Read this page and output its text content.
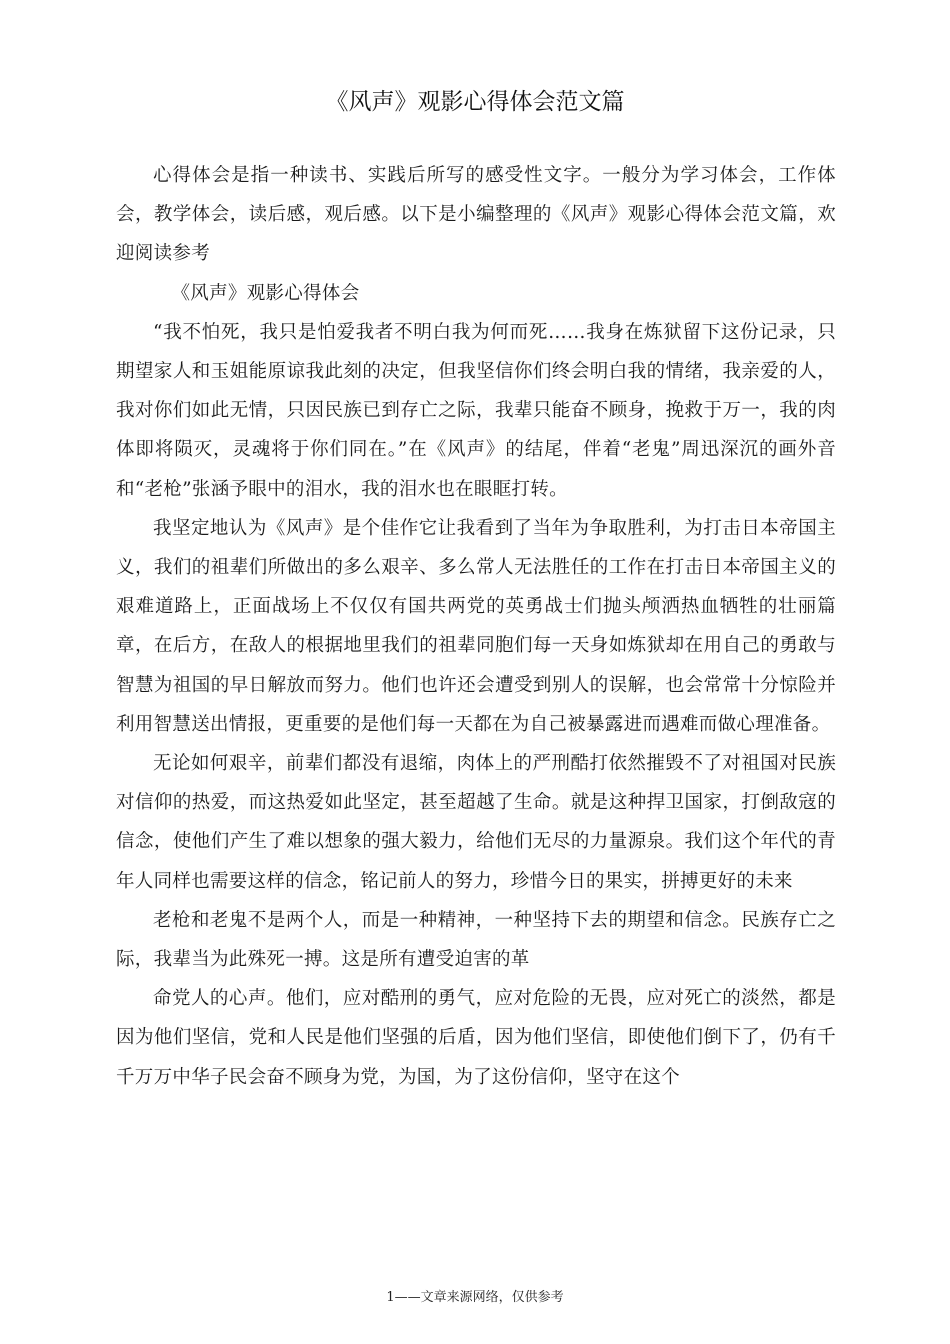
《风声》观影心得体会范文篇

心得体会是指一种读书、实践后所写的感受性文字。一般分为学习体会，工作体会，教学体会，读后感，观后感。以下是小编整理的《风声》观影心得体会范文篇，欢迎阅读参考

《风声》观影心得体会

“我不怕死，我只是怕爱我者不明白我为何而死……我身在炼狱留下这份记录，只期望家人和玉姐能原谅我此刻的决定，但我坚信你们终会明白我的情绪，我亲爱的人，我对你们如此无情，只因民族已到存亡之际，我辈只能奋不顾身，挽救于万一，我的肉体即将陨灭，灵魂将于你们同在。”在《风声》的结尾，伴着“老鬼”周迅深沉的画外音和“老枪”张涵予眼中的泪水，我的泪水也在眼眶打转。

我坚定地认为《风声》是个佳作它让我看到了当年为争取胜利，为打击日本帝国主义，我们的祖辈们所做出的多么艰辛、多么常人无法胜任的工作在打击日本帝国主义的艰难道路上，正面战场上不仅仅有国共两党的英勇战士们抛头颅洒热血牺牲的壮丽篇章，在后方，在敌人的根据地里我们的祖辈同胞们每一天身如炼狱却在用自己的勇敢与智慧为祖国的早日解放而努力。他们也许还会遭受到别人的误解，也会常常十分惊险并利用智慧送出情报，更重要的是他们每一天都在为自己被暴露进而遇难而做心理准备。

无论如何艰辛，前辈们都没有退缩，肉体上的严刑酷打依然摧毁不了对祖国对民族对信仰的热爱，而这热爱如此坚定，甚至超越了生命。就是这种捍卫国家，打倒敌寇的信念，使他们产生了难以想象的强大毅力，给他们无尽的力量源泉。我们这个年代的青年人同样也需要这样的信念，铭记前人的努力，珍惜今日的果实，拼搏更好的未来

老枪和老鬼不是两个人，而是一种精神，一种坚持下去的期望和信念。民族存亡之际，我辈当为此殊死一搏。这是所有遭受迫害的革

命党人的心声。他们，应对酷刑的勇气，应对危险的无畏，应对死亡的淡然，都是因为他们坚信，党和人民是他们坚强的后盾，因为他们坚信，即使他们倒下了，仍有千千万万中华子民会奋不顾身为党，为国，为了这份信仰，坚守在这个

1——文章来源网络，仅供参考
